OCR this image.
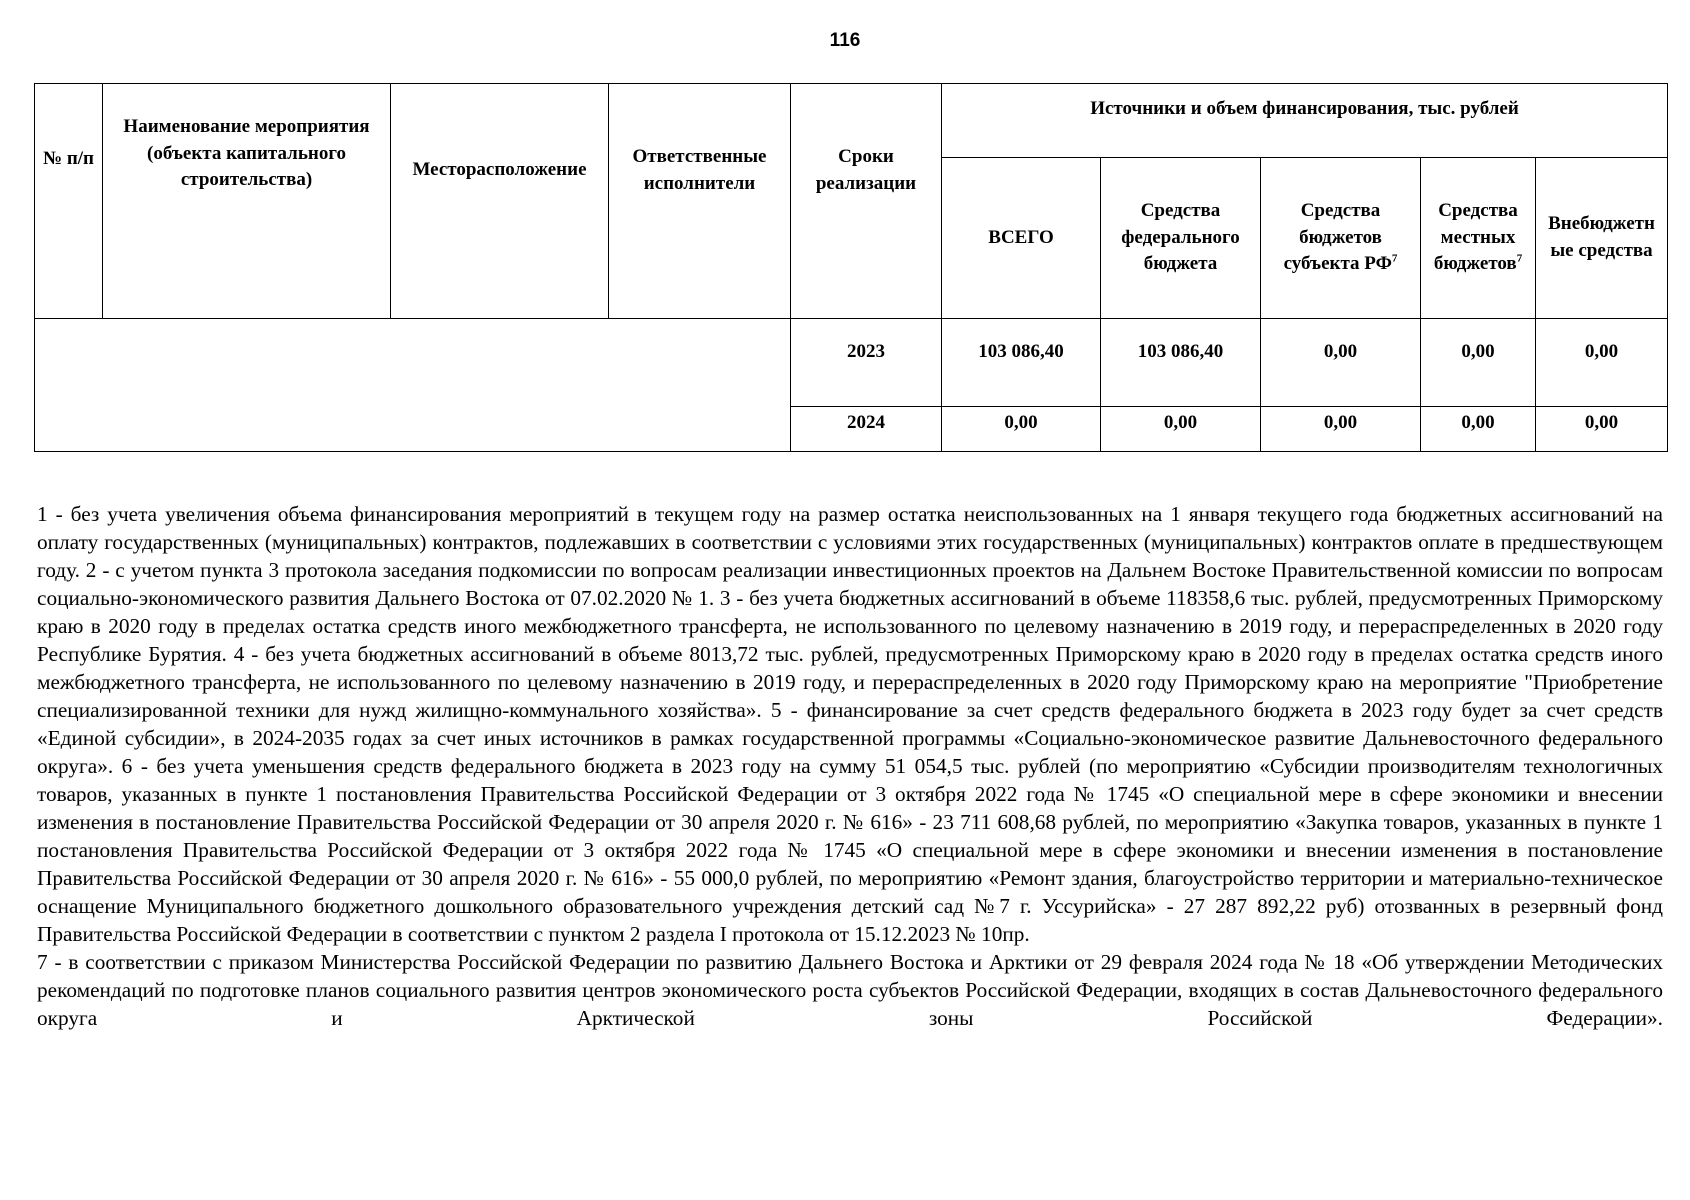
116
№ п/п	Наименование мероприятия (объекта капитального строительства)	Месторасположение	Ответственные исполнители	Сроки реализации	Источники и объем финансирования, тыс. рублей				
					ВСЕГО	Средства федерального бюджета	Средства бюджетов субъекта $РФ^7$	Средства местных бюджетов$^7$	Внебюджетн ые средства
				2023	103 086,40	103 086,40	0,00	0,00	0,00
				2024	0,00	0,00	0,00	0,00	0,00

1 - без учета увеличения объема финансирования мероприятий в текущем году на размер остатка неиспользованных на 1 января текущего года бюджетных ассигнований на оплату государственных (муниципальных) контрактов, подлежавших в соответствии с условиями этих государственных (муниципальных) контрактов оплате в предшествующем году. 2 - с учетом пункта 3 протокола заседания подкомиссии по вопросам реализации инвестиционных проектов на Дальнем Востоке Правительственной комиссии по вопросам социально-экономического развития Дальнего Востока от 07.02.2020 № 1. 3 - без учета бюджетных ассигнований в объеме 118358,6 тыс. рублей, предусмотренных Приморскому краю в 2020 году в пределах остатка средств иного межбюджетного трансферта, не использованного по целевому назначению в 2019 году, и перераспределенных в 2020 году Республике Бурятия. 4 - без учета бюджетных ассигнований в объеме 8013,72 тыс. рублей, предусмотренных Приморскому краю в 2020 году в пределах остатка средств иного межбюджетного трансферта, не использованного по целевому назначению в 2019 году, и перераспределенных в 2020 году Приморскому краю на мероприятие "Приобретение специализированной техники для нужд жилищно-коммунального хозяйства». 5 - финансирование за счет средств федерального бюджета в 2023 году будет за счет средств «Единой субсидии», в 2024-2035 годах за счет иных источников в рамках государственной программы «Социально-экономическое развитие Дальневосточного федерального округа». 6 - без учета уменьшения средств федерального бюджета в 2023 году на сумму 51 054,5 тыс. рублей (по мероприятию «Субсидии производителям технологичных товаров, указанных в пункте 1 постановления Правительства Российской Федерации от 3 октября 2022 года № 1745 «О специальной мере в сфере экономики и внесении изменения в постановление Правительства Российской Федерации от 30 апреля 2020 г. № 616» - 23 711 608,68 рублей, по мероприятию «Закупка товаров, указанных в пункте 1 постановления Правительства Российской Федерации от 3 октября 2022 года № 1745 «О специальной мере в сфере экономики и внесении изменения в постановление Правительства Российской Федерации от 30 апреля 2020 г. № 616» - 55 000,0 рублей, по мероприятию «Ремонт здания, благоустройство территории и материально-техническое оснащение Муниципального бюджетного дошкольного образовательного учреждения детский сад №7 г. Уссурийска» - 27 287 892,22 руб) отозванных в резервный фонд Правительства Российской Федерации в соответствии с пунктом 2 раздела I протокола от 15.12.2023 № 10пр.

7 - в соответствии с приказом Министерства Российской Федерации по развитию Дальнего Востока и Арктики от 29 февраля 2024 года № 18 «Об утверждении Методических рекомендаций по подготовке планов социального развития центров экономического роста субъектов Российской Федерации, входящих в состав Дальневосточного федерального округа и Арктической зоны Российской Федерации».
